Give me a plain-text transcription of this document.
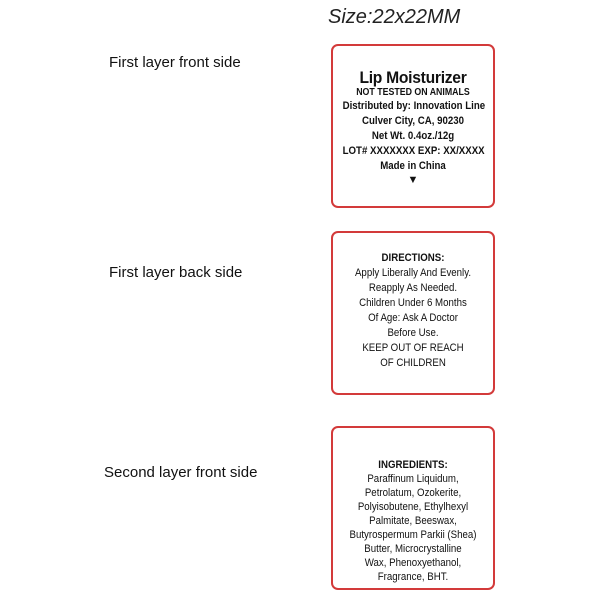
Size:22x22MM
First layer front side
First layer back side
Second layer front side
Lip Moisturizer
NOT TESTED ON ANIMALS
Distributed by: Innovation Line
Culver City, CA, 90230
Net Wt. 0.4oz./12g
LOT# XXXXXXX EXP: XX/XXXX
Made in China
▼
DIRECTIONS:
Apply Liberally And Evenly.
Reapply As Needed.
Children Under 6 Months
Of Age: Ask A Doctor
Before Use.
KEEP OUT OF REACH
OF CHILDREN
INGREDIENTS:
Paraffinum Liquidum,
Petrolatum, Ozokerite,
Polyisobutene, Ethylhexyl
Palmitate, Beeswax,
Butyrospermum Parkii (Shea)
Butter, Microcrystalline
Wax, Phenoxyethanol,
Fragrance, BHT.
